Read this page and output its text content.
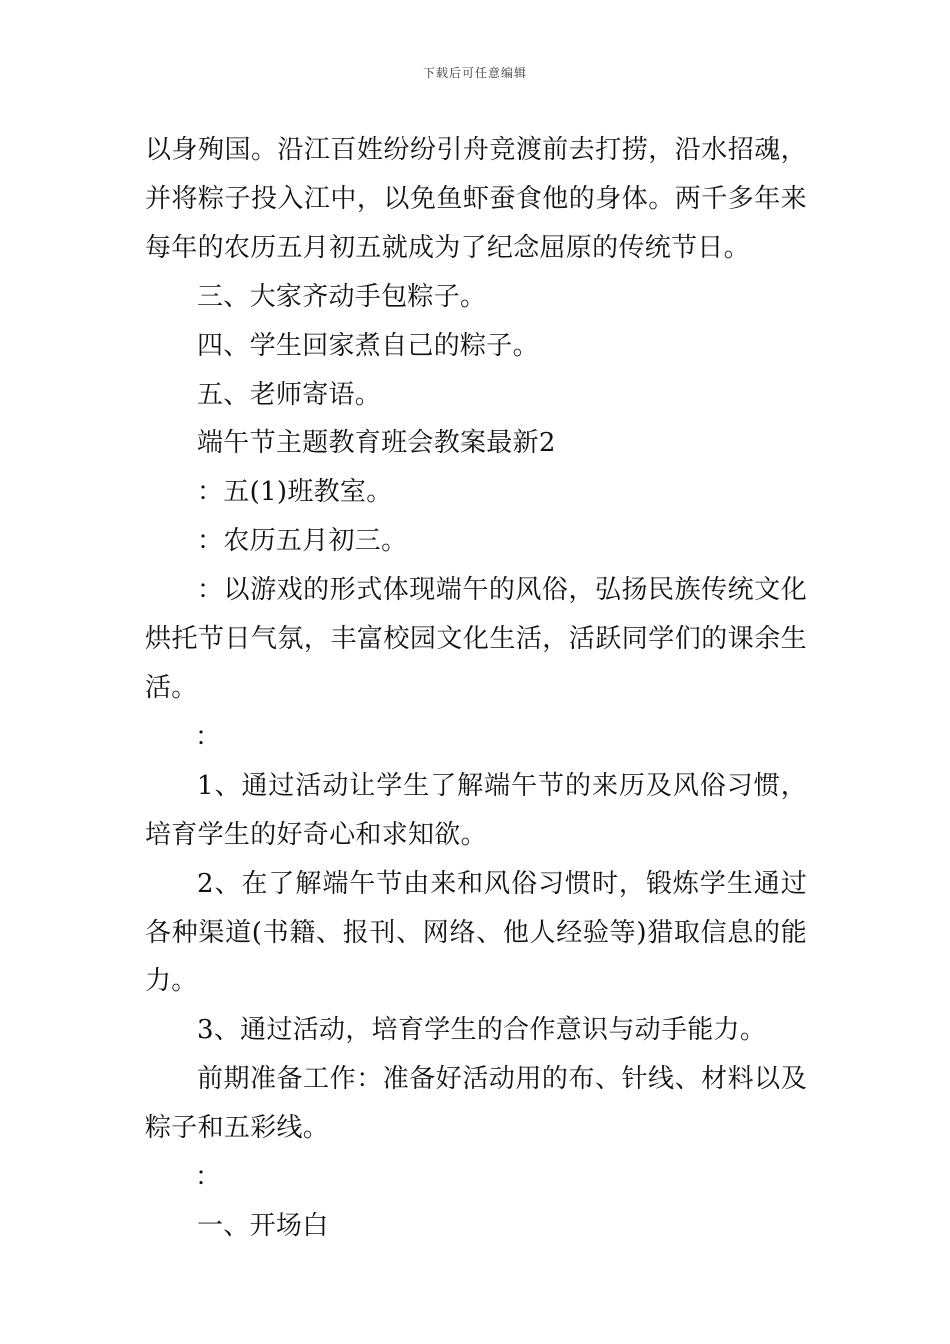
下载后可任意编辑

以身殉国。沿江百姓纷纷引舟竞渡前去打捞，沿水招魂，并将粽子投入江中，以免鱼虾蚕食他的身体。两千多年来每年的农历五月初五就成为了纪念屈原的传统节日。

三、大家齐动手包粽子。

四、学生回家煮自己的粽子。

五、老师寄语。

端午节主题教育班会教案最新2

：五(1)班教室。

：农历五月初三。

：以游戏的形式体现端午的风俗，弘扬民族传统文化烘托节日气氛，丰富校园文化生活，活跃同学们的课余生活。

：

1、通过活动让学生了解端午节的来历及风俗习惯，培育学生的好奇心和求知欲。

2、在了解端午节由来和风俗习惯时，锻炼学生通过各种渠道(书籍、报刊、网络、他人经验等)猎取信息的能力。

3、通过活动，培育学生的合作意识与动手能力。

前期准备工作：准备好活动用的布、针线、材料以及粽子和五彩线。

：

一、开场白
